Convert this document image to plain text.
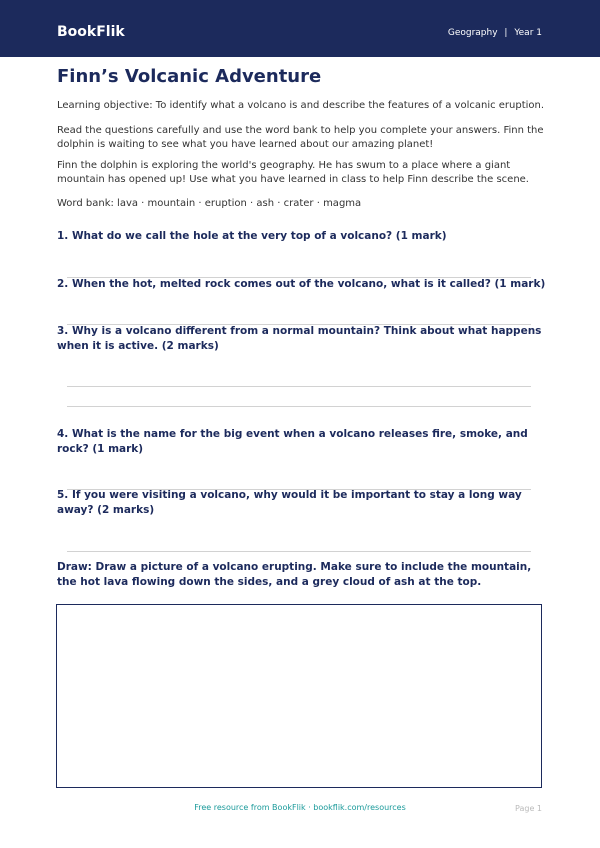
BookFlik	Geography | Year 1
Finn’s Volcanic Adventure

Learning objective: To identify what a volcano is and describe the features of a volcanic eruption.

Read the questions carefully and use the word bank to help you complete your answers. Finn the dolphin is waiting to see what you have learned about our amazing planet!

Finn the dolphin is exploring the world's geography. He has swum to a place where a giant mountain has opened up! Use what you have learned in class to help Finn describe the scene.

Word bank: lava · mountain · eruption · ash · crater · magma

1. What do we call the hole at the very top of a volcano? (1 mark)

2. When the hot, melted rock comes out of the volcano, what is it called? (1 mark)

3. Why is a volcano different from a normal mountain? Think about what happens when it is active. (2 marks)

4. What is the name for the big event when a volcano releases fire, smoke, and rock? (1 mark)

5. If you were visiting a volcano, why would it be important to stay a long way away? (2 marks)

Draw: Draw a picture of a volcano erupting. Make sure to include the mountain, the hot lava flowing down the sides, and a grey cloud of ash at the top.

Free resource from BookFlik · bookflik.com/resources	Page 1
